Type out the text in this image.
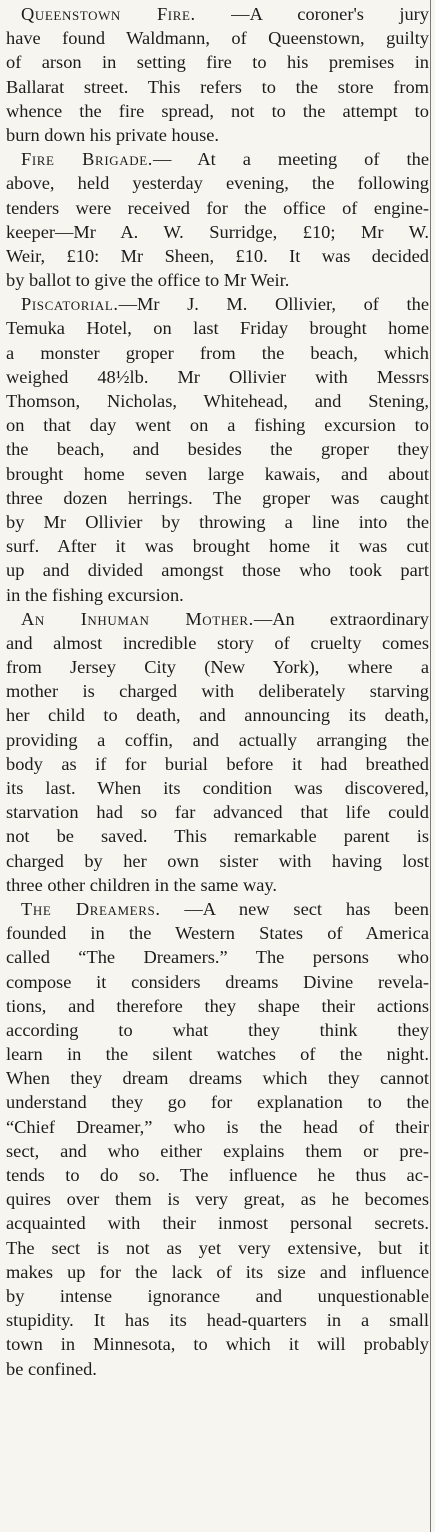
Queenstown Fire. —A coroner's jury
have found Waldmann, of Queenstown, guilty
of arson in setting fire to his premises in
Ballarat street. This refers to the store from
whence the fire spread, not to the attempt to
burn down his private house.
Fire Brigade.— At a meeting of the
above, held yesterday evening, the following
tenders were received for the office of engine-
keeper—Mr A. W. Surridge, £10; Mr W.
Weir, £10: Mr Sheen, £10. It was decided
by ballot to give the office to Mr Weir.
Piscatorial.—Mr J. M. Ollivier, of the
Temuka Hotel, on last Friday brought home
a monster groper from the beach, which
weighed 48½lb. Mr Ollivier with Messrs
Thomson, Nicholas, Whitehead, and Stening,
on that day went on a fishing excursion to
the beach, and besides the groper they
brought home seven large kawais, and about
three dozen herrings. The groper was caught
by Mr Ollivier by throwing a line into the
surf. After it was brought home it was cut
up and divided amongst those who took part
in the fishing excursion.
An Inhuman Mother.—An extraordinary
and almost incredible story of cruelty comes
from Jersey City (New York), where a
mother is charged with deliberately starving
her child to death, and announcing its death,
providing a coffin, and actually arranging the
body as if for burial before it had breathed
its last. When its condition was discovered,
starvation had so far advanced that life could
not be saved. This remarkable parent is
charged by her own sister with having lost
three other children in the same way.
The Dreamers. —A new sect has been
founded in the Western States of America
called “The Dreamers.” The persons who
compose it considers dreams Divine revela-
tions, and therefore they shape their actions
according to what they think they
learn in the silent watches of the night.
When they dream dreams which they cannot
understand they go for explanation to the
“Chief Dreamer,” who is the head of their
sect, and who either explains them or pre-
tends to do so. The influence he thus ac-
quires over them is very great, as he becomes
acquainted with their inmost personal secrets.
The sect is not as yet very extensive, but it
makes up for the lack of its size and influence
by intense ignorance and unquestionable
stupidity. It has its head-quarters in a small
town in Minnesota, to which it will probably
be confined.
